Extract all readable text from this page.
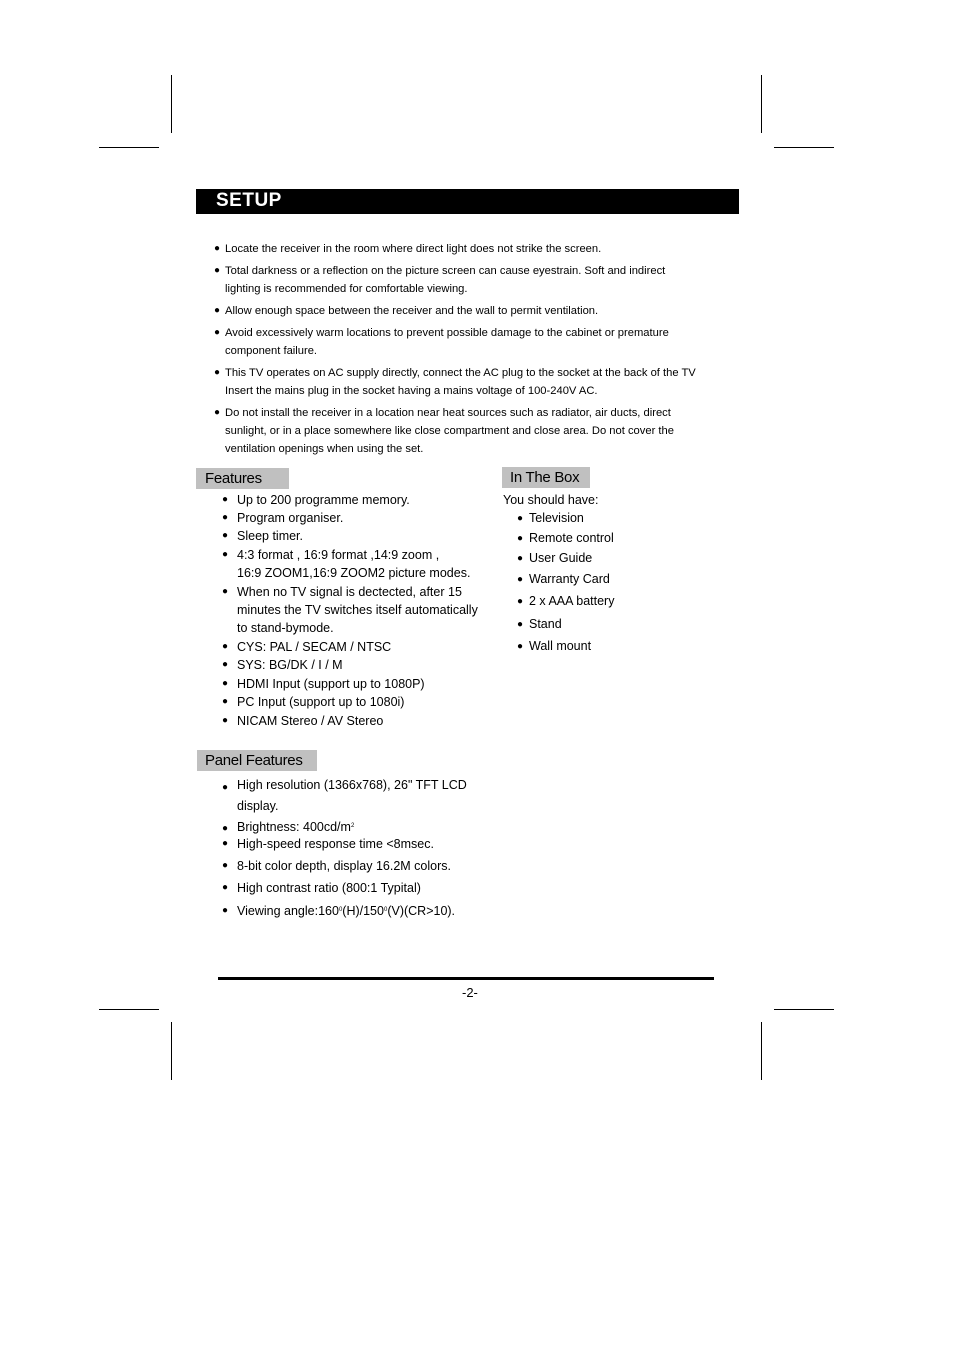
SETUP
● Locate the receiver in the room where direct light does not strike the screen.
● Total darkness or a reflection on the picture screen can cause eyestrain. Soft and indirect
lighting is recommended for comfortable viewing.
● Allow enough space between the receiver and the wall to permit ventilation.
● Avoid excessively warm locations to prevent possible damage to the cabinet or premature
component failure.
● This TV operates on AC supply directly, connect the AC plug to the socket at the back of the TV
Insert the mains plug in the socket having a mains voltage of 100-240V AC.
● Do not install the receiver in a location near heat sources such as radiator, air ducts, direct
sunlight, or in a place somewhere like close compartment and close area. Do not cover the
ventilation openings when using the set.
Features
● Up to 200 programme memory.
● Program organiser.
● Sleep timer.
● 4:3 format , 16:9 format ,14:9 zoom ,
16:9 ZOOM1,16:9 ZOOM2 picture modes.
● When no TV signal is dectected, after 15
minutes the TV switches itself automatically
to stand-bymode.
● CYS: PAL / SECAM / NTSC
● SYS: BG/DK / I / M
● HDMI Input (support up to 1080P)
● PC Input (support up to 1080i)
● NICAM Stereo / AV Stereo
In The Box
You should have:
● Television
● Remote control
● User Guide
● Warranty Card
● 2 x AAA battery
● Stand
● Wall mount
Panel Features
● High resolution (1366x768), 26" TFT LCD
display.
● Brightness: $400cd/m^2$
● High-speed response time <8msec.
● 8-bit color depth, display 16.2M colors.
● High contrast ratio (800:1 Typital)
● Viewing $angle:160^0(H)/150^0(V)(CR>10)$.
-2-
